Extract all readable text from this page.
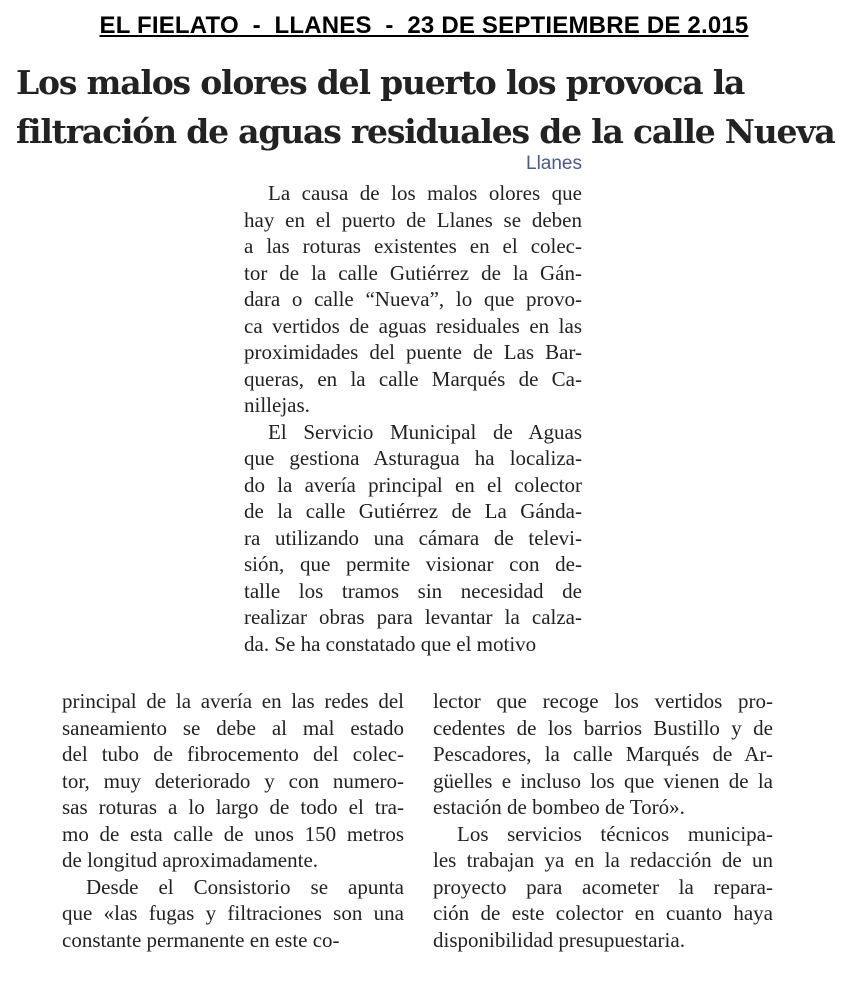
EL FIELATO  -  LLANES  -  23 DE SEPTIEMBRE DE 2.015
Los malos olores del puerto los provoca la
filtración de aguas residuales de la calle Nueva
Llanes
La causa de los malos olores que
hay en el puerto de Llanes se deben
a las roturas existentes en el colec-
tor de la calle Gutiérrez de la Gán-
dara o calle “Nueva”, lo que provo-
ca vertidos de aguas residuales en las
proximidades del puente de Las Bar-
queras, en la calle Marqués de Ca-
nillejas.
El Servicio Municipal de Aguas
que gestiona Asturagua ha localiza-
do la avería principal en el colector
de la calle Gutiérrez de La Gánda-
ra utilizando una cámara de televi-
sión, que permite visionar con de-
talle los tramos sin necesidad de
realizar obras para levantar la calza-
da. Se ha constatado que el motivo
principal de la avería en las redes del
saneamiento se debe al mal estado
del tubo de fibrocemento del colec-
tor, muy deteriorado y con numero-
sas roturas a lo largo de todo el tra-
mo de esta calle de unos 150 metros
de longitud aproximadamente.
Desde el Consistorio se apunta
que «las fugas y filtraciones son una
constante permanente en este co-
lector que recoge los vertidos pro-
cedentes de los barrios Bustillo y de
Pescadores, la calle Marqués de Ar-
güelles e incluso los que vienen de la
estación de bombeo de Toró».
Los servicios técnicos municipa-
les trabajan ya en la redacción de un
proyecto para acometer la repara-
ción de este colector en cuanto haya
disponibilidad presupuestaria.
